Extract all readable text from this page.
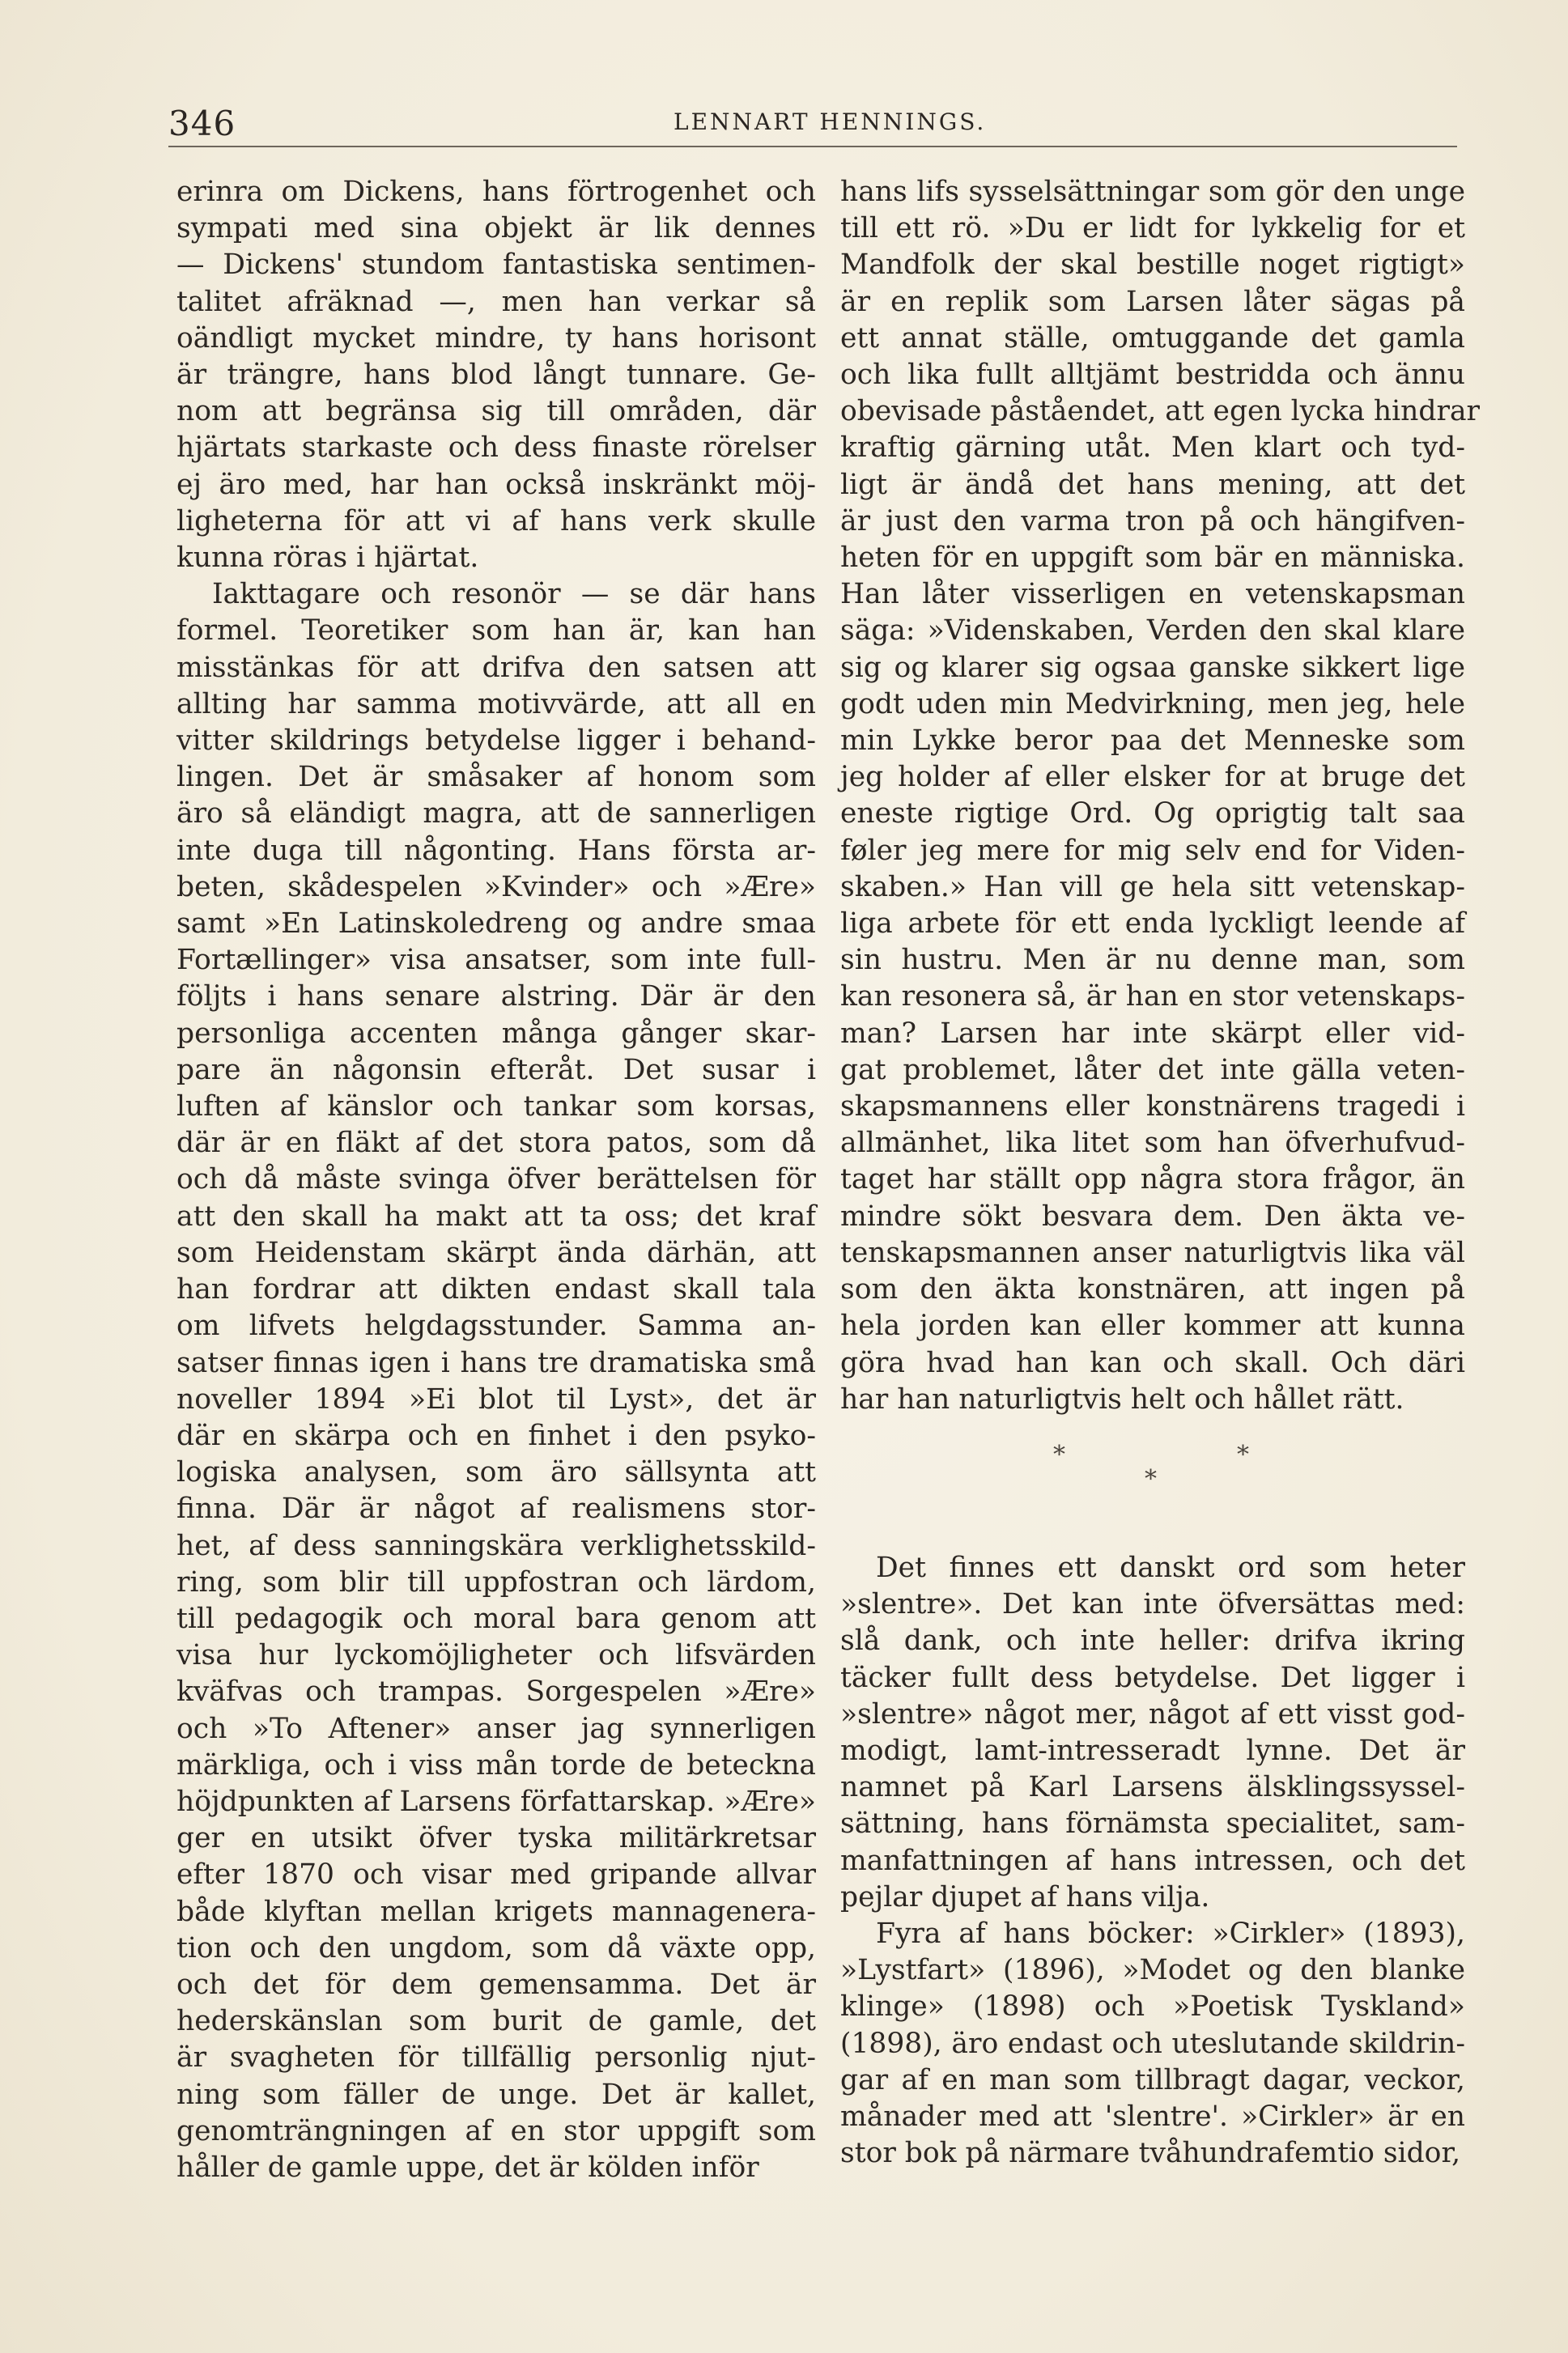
346	LENNART HENNINGS.
erinra om Dickens, hans förtrogenhet och
sympati med sina objekt är lik dennes
— Dickens' stundom fantastiska sentimen-
talitet afräknad —, men han verkar så
oändligt mycket mindre, ty hans horisont
är trängre, hans blod långt tunnare. Ge-
nom att begränsa sig till områden, där
hjärtats starkaste och dess finaste rörelser
ej äro med, har han också inskränkt möj-
ligheterna för att vi af hans verk skulle
kunna röras i hjärtat.
Iakttagare och resonör — se där hans
formel. Teoretiker som han är, kan han
misstänkas för att drifva den satsen att
allting har samma motivvärde, att all en
vitter skildrings betydelse ligger i behand-
lingen. Det är småsaker af honom som
äro så eländigt magra, att de sannerligen
inte duga till någonting. Hans första ar-
beten, skådespelen »Kvinder» och »Ære»
samt »En Latinskoledreng og andre smaa
Fortællinger» visa ansatser, som inte full-
följts i hans senare alstring. Där är den
personliga accenten många gånger skar-
pare än någonsin efteråt. Det susar i
luften af känslor och tankar som korsas,
där är en fläkt af det stora patos, som då
och då måste svinga öfver berättelsen för
att den skall ha makt att ta oss; det kraf
som Heidenstam skärpt ända därhän, att
han fordrar att dikten endast skall tala
om lifvets helgdagsstunder. Samma an-
satser finnas igen i hans tre dramatiska små
noveller 1894 »Ei blot til Lyst», det är
där en skärpa och en finhet i den psyko-
logiska analysen, som äro sällsynta att
finna. Där är något af realismens stor-
het, af dess sanningskära verklighetsskild-
ring, som blir till uppfostran och lärdom,
till pedagogik och moral bara genom att
visa hur lyckomöjligheter och lifsvärden
kväfvas och trampas. Sorgespelen »Ære»
och »To Aftener» anser jag synnerligen
märkliga, och i viss mån torde de beteckna
höjdpunkten af Larsens författarskap. »Ære»
ger en utsikt öfver tyska militärkretsar
efter 1870 och visar med gripande allvar
både klyftan mellan krigets mannagenera-
tion och den ungdom, som då växte opp,
och det för dem gemensamma. Det är
hederskänslan som burit de gamle, det
är svagheten för tillfällig personlig njut-
ning som fäller de unge. Det är kallet,
genomträngningen af en stor uppgift som
håller de gamle uppe, det är kölden inför
hans lifs sysselsättningar som gör den unge
till ett rö. »Du er lidt for lykkelig for et
Mandfolk der skal bestille noget rigtigt»
är en replik som Larsen låter sägas på
ett annat ställe, omtuggande det gamla
och lika fullt alltjämt bestridda och ännu
obevisade påståendet, att egen lycka hindrar
kraftig gärning utåt. Men klart och tyd-
ligt är ändå det hans mening, att det
är just den varma tron på och hängifven-
heten för en uppgift som bär en människa.
Han låter visserligen en vetenskapsman
säga: »Videnskaben, Verden den skal klare
sig og klarer sig ogsaa ganske sikkert lige
godt uden min Medvirkning, men jeg, hele
min Lykke beror paa det Menneske som
jeg holder af eller elsker for at bruge det
eneste rigtige Ord. Og oprigtig talt saa
føler jeg mere for mig selv end for Viden-
skaben.» Han vill ge hela sitt vetenskap-
liga arbete för ett enda lyckligt leende af
sin hustru. Men är nu denne man, som
kan resonera så, är han en stor vetenskaps-
man? Larsen har inte skärpt eller vid-
gat problemet, låter det inte gälla veten-
skapsmannens eller konstnärens tragedi i
allmänhet, lika litet som han öfverhufvud-
taget har ställt opp några stora frågor, än
mindre sökt besvara dem. Den äkta ve-
tenskapsmannen anser naturligtvis lika väl
som den äkta konstnären, att ingen på
hela jorden kan eller kommer att kunna
göra hvad han kan och skall. Och däri
har han naturligtvis helt och hållet rätt.
*	*
*
Det finnes ett danskt ord som heter
»slentre». Det kan inte öfversättas med:
slå dank, och inte heller: drifva ikring
täcker fullt dess betydelse. Det ligger i
»slentre» något mer, något af ett visst god-
modigt, lamt-intresseradt lynne. Det är
namnet på Karl Larsens älsklingssyssel-
sättning, hans förnämsta specialitet, sam-
manfattningen af hans intressen, och det
pejlar djupet af hans vilja.
Fyra af hans böcker: »Cirkler» (1893),
»Lystfart» (1896), »Modet og den blanke
klinge» (1898) och »Poetisk Tyskland»
(1898), äro endast och uteslutande skildrin-
gar af en man som tillbragt dagar, veckor,
månader med att 'slentre'. »Cirkler» är en
stor bok på närmare tvåhundrafemtio sidor,
